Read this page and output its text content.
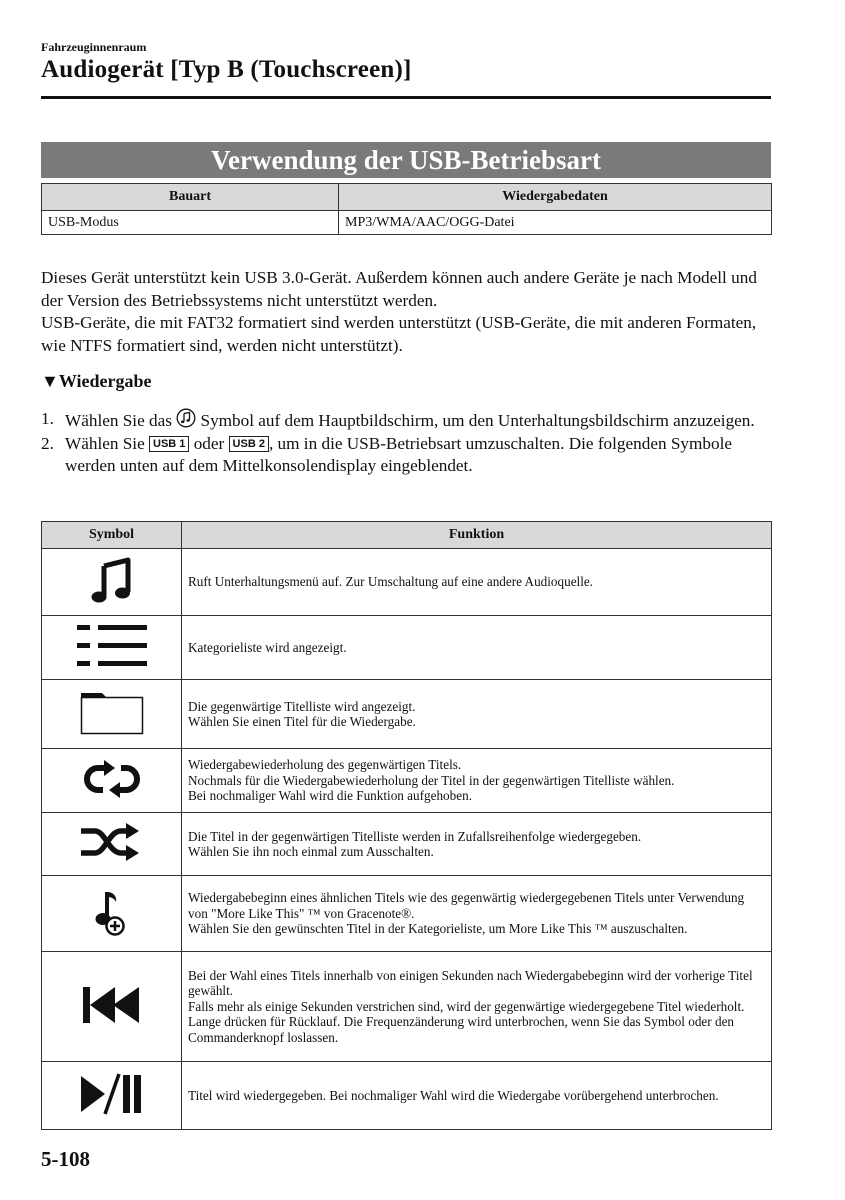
Fahrzeuginnenraum
Audiogerät [Typ B (Touchscreen)]
Verwendung der USB-Betriebsart
Bauart	Wiedergabedaten
USB-Modus	MP3/WMA/AAC/OGG-Datei

Dieses Gerät unterstützt kein USB 3.0-Gerät. Außerdem können auch andere Geräte je nach Modell und der Version des Betriebssystems nicht unterstützt werden.

USB-Geräte, die mit FAT32 formatiert sind werden unterstützt (USB-Geräte, die mit anderen Formaten, wie NTFS formatiert sind, werden nicht unterstützt).

▼Wiedergabe
1. Wählen Sie das Symbol auf dem Hauptbildschirm, um den Unterhaltungsbildschirm anzuzeigen.
2. Wählen Sie USB 1 oder USB 2 , um in die USB-Betriebsart umzuschalten. Die folgenden Symbole werden unten auf dem Mittelkonsolendisplay eingeblendet.
Symbol	Funktion

Ruft Unterhaltungsmenü auf. Zur Umschaltung auf eine andere Audioquelle.

Kategorieliste wird angezeigt.

Die gegenwärtige Titelliste wird angezeigt.
Wählen Sie einen Titel für die Wiedergabe.

Wiedergabewiederholung des gegenwärtigen Titels.
Nochmals für die Wiedergabewiederholung der Titel in der gegenwärtigen Titelliste wählen.
Bei nochmaliger Wahl wird die Funktion aufgehoben.

Die Titel in der gegenwärtigen Titelliste werden in Zufallsreihenfolge wiedergegeben.
Wählen Sie ihn noch einmal zum Ausschalten.

Wiedergabebeginn eines ähnlichen Titels wie des gegenwärtig wiedergegebenen Titels unter Verwendung von "More Like This" ™ von Gracenote®.
Wählen Sie den gewünschten Titel in der Kategorieliste, um More Like This ™ auszuschalten.

Bei der Wahl eines Titels innerhalb von einigen Sekunden nach Wiedergabebeginn wird der vorherige Titel gewählt.
Falls mehr als einige Sekunden verstrichen sind, wird der gegenwärtige wiedergegebene Titel wiederholt.
Lange drücken für Rücklauf. Die Frequenzänderung wird unterbrochen, wenn Sie das Symbol oder den Commanderknopf loslassen.

Titel wird wiedergegeben. Bei nochmaliger Wahl wird die Wiedergabe vorübergehend unterbrochen.
5-108
